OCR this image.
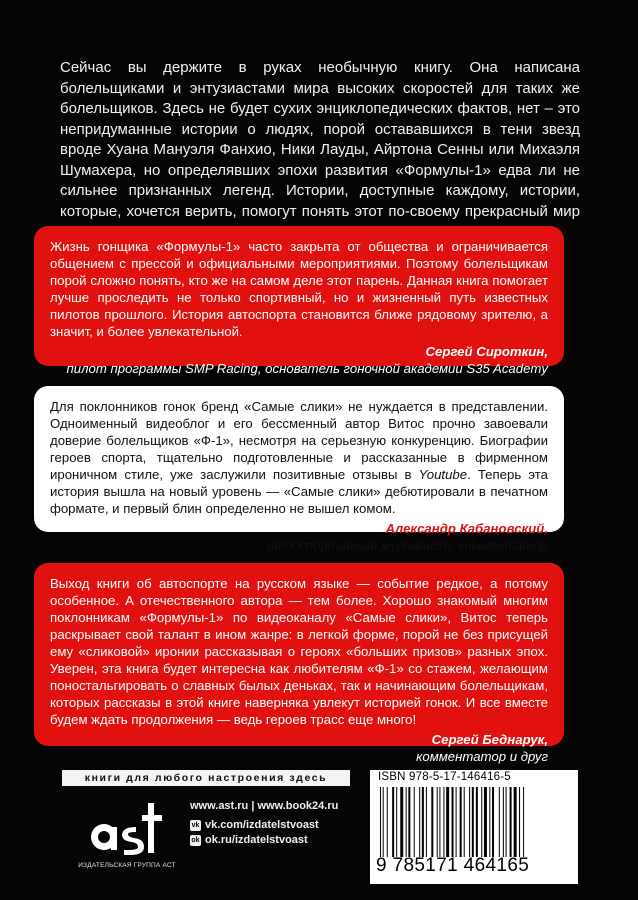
Сейчас вы держите в руках необычную книгу. Она написана болельщиками и энтузиастами мира высоких скоростей для таких же болельщиков. Здесь не будет сухих энциклопедических фактов, нет – это непридуманные истории о людях, порой остававшихся в тени звезд вроде Хуана Мануэля Фанхио, Ники Лауды, Айртона Сенны или Михаэля Шумахера, но определявших эпохи развития «Формулы-1» едва ли не сильнее признанных легенд. Истории, доступные каждому, истории, которые, хочется верить, помогут понять этот по-своему прекрасный мир

Жизнь гонщика «Формулы-1» часто закрыта от общества и ограничивается общением с прессой и официальными мероприятиями. Поэтому болельщикам порой сложно понять, кто же на самом деле этот парень. Данная книга помогает лучше проследить не только спортивный, но и жизненный путь известных пилотов прошлого. История автоспорта становится ближе рядовому зрителю, а значит, и более увлекательной.

Сергей Сироткин,
пилот программы SMP Racing, основатель гоночной академии S35 Academy

Для поклонников гонок бренд «Самые слики» не нуждается в представлении. Одноименный видеоблог и его бессменный автор Витос прочно завоевали доверие болельщиков «Ф-1», несмотря на серьезную конкуренцию. Биографии героев спорта, тщательно подготовленные и рассказанные в фирменном ироничном стиле, уже заслужили позитивные отзывы в Youtube. Теперь эта история вышла на новый уровень — «Самые слики» дебютировали в печатном формате, и первый блин определенно не вышел комом.

Александр Кабановский,
автоспортивный журналист, комментатор

Выход книги об автоспорте на русском языке — событие редкое, а потому особенное. А отечественного автора — тем более. Хорошо знакомый многим поклонникам «Формулы-1» по видеоканалу «Самые слики», Витос теперь раскрывает свой талант в ином жанре: в легкой форме, порой не без присущей ему «сликовой» иронии рассказывая о героях «больших призов» разных эпох. Уверен, эта книга будет интересна как любителям «Ф-1» со стажем, желающим поностальгировать о славных былых деньках, так и начинающим болельщикам, которых рассказы в этой книге наверняка увлекут историей гонок. И все вместе будем ждать продолжения — ведь героев трасс еще много!

Сергей Беднарук,
комментатор и друг
книги для любого настроения здесь
ИЗДАТЕЛЬСКАЯ ГРУППА АСТ
www.ast.ru | www.book24.ru
vk vk.com/izdatelstvoast
ok ok.ru/izdatelstvoast
ISBN 978-5-17-146416-5
9 785171 464165
